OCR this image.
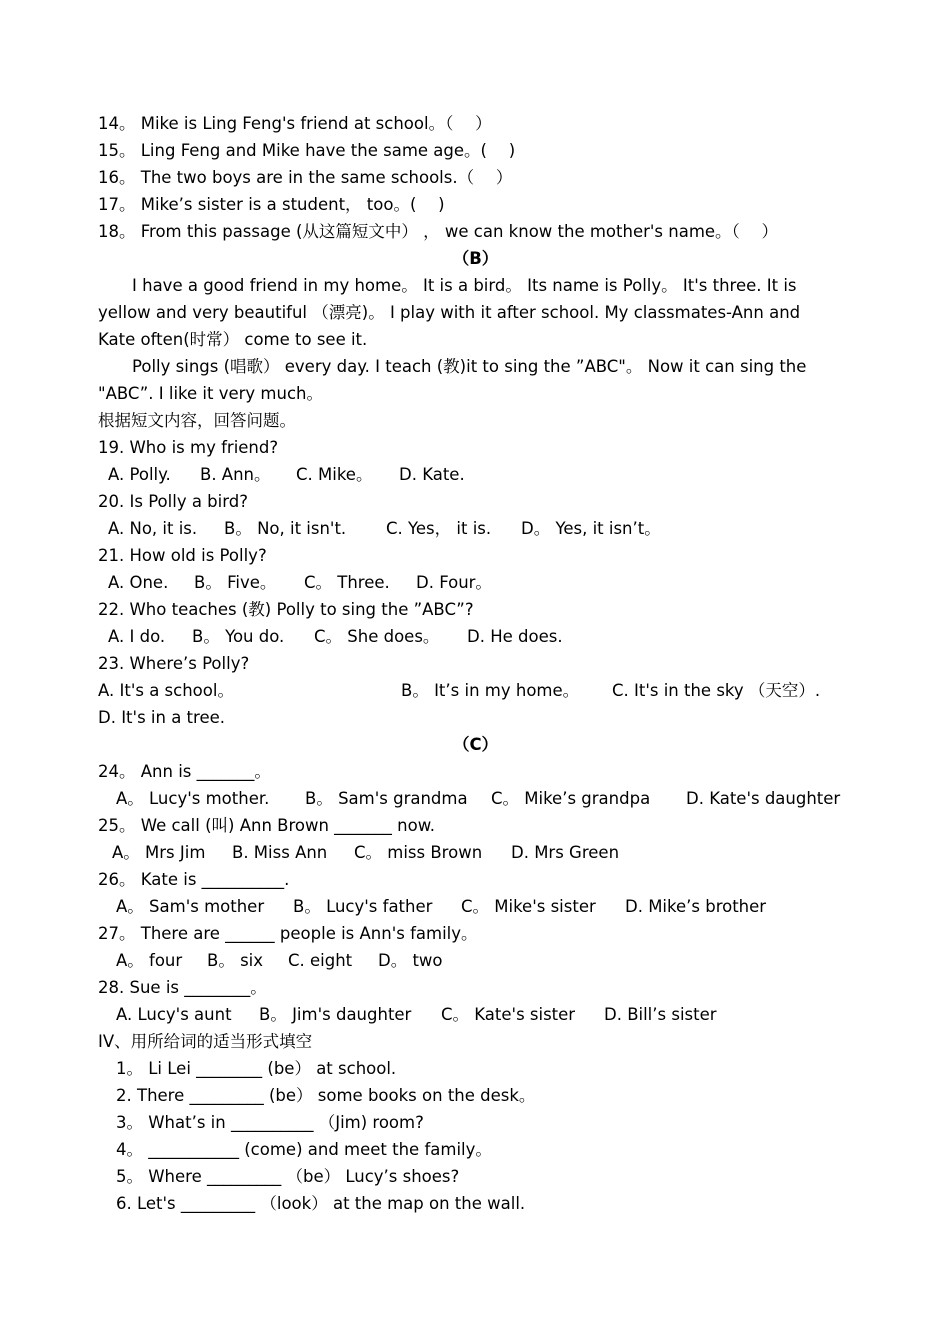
14。 Mike is Ling Feng's friend at school。（　 ）
15。 Ling Feng and Mike have the same age。(　 )
16。 The two boys are in the same schools.（　 ）
17。 Mike’s sister is a student， too。(　 )
18。 From this passage (从这篇短文中） ， we can know the mother's name。（　 ）
（B）
I have a good friend in my home。 It is a bird。 Its name is Polly。 It's three. It is
yellow and very beautiful （漂亮)。 I play with it after school. My classmates-Ann and
Kate often(时常） come to see it.
Polly sings (唱歌） every day. I teach (教)it to sing the ”ABC"。 Now it can sing the
"ABC”. I like it very much。
根据短文内容，回答问题。
19. Who is my friend?
A. Polly. B. Ann。 C. Mike。 D. Kate.
20. Is Polly a bird?
A. No, it is. B。 No, it isn't. C. Yes， it is. D。 Yes, it isn’t。
21. How old is Polly?
A. One. B。 Five。 C。 Three. D. Four。
22. Who teaches (教) Polly to sing the ”ABC”?
A. I do. B。 You do. C。 She does。 D. He does.
23. Where’s Polly?
A. It's a school。	B。 It’s in my home。 C. It's in the sky （天空）.
D. It's in a tree.
（C）
24。 Ann is _______。
A。 Lucy's mother. B。 Sam's grandma C。 Mike’s grandpa D. Kate's daughter
25。 We call (叫) Ann Brown _______ now.
A。 Mrs Jim B. Miss Ann C。 miss Brown D. Mrs Green
26。 Kate is __________.
A。 Sam's mother B。 Lucy's father C。 Mike's sister D. Mike’s brother
27。 There are ______ people is Ann's family。
A。 four B。 six C. eight D。 two
28. Sue is ________。
A. Lucy's aunt B。 Jim's daughter C。 Kate's sister D. Bill’s sister
IV、用所给词的适当形式填空
1。 Li Lei ________ (be） at school.
2. There _________ (be） some books on the desk。
3。 What’s in __________ （Jim) room?
4。 ___________ (come) and meet the family。
5。 Where _________ （be） Lucy’s shoes?
6. Let's _________ （look） at the map on the wall.
